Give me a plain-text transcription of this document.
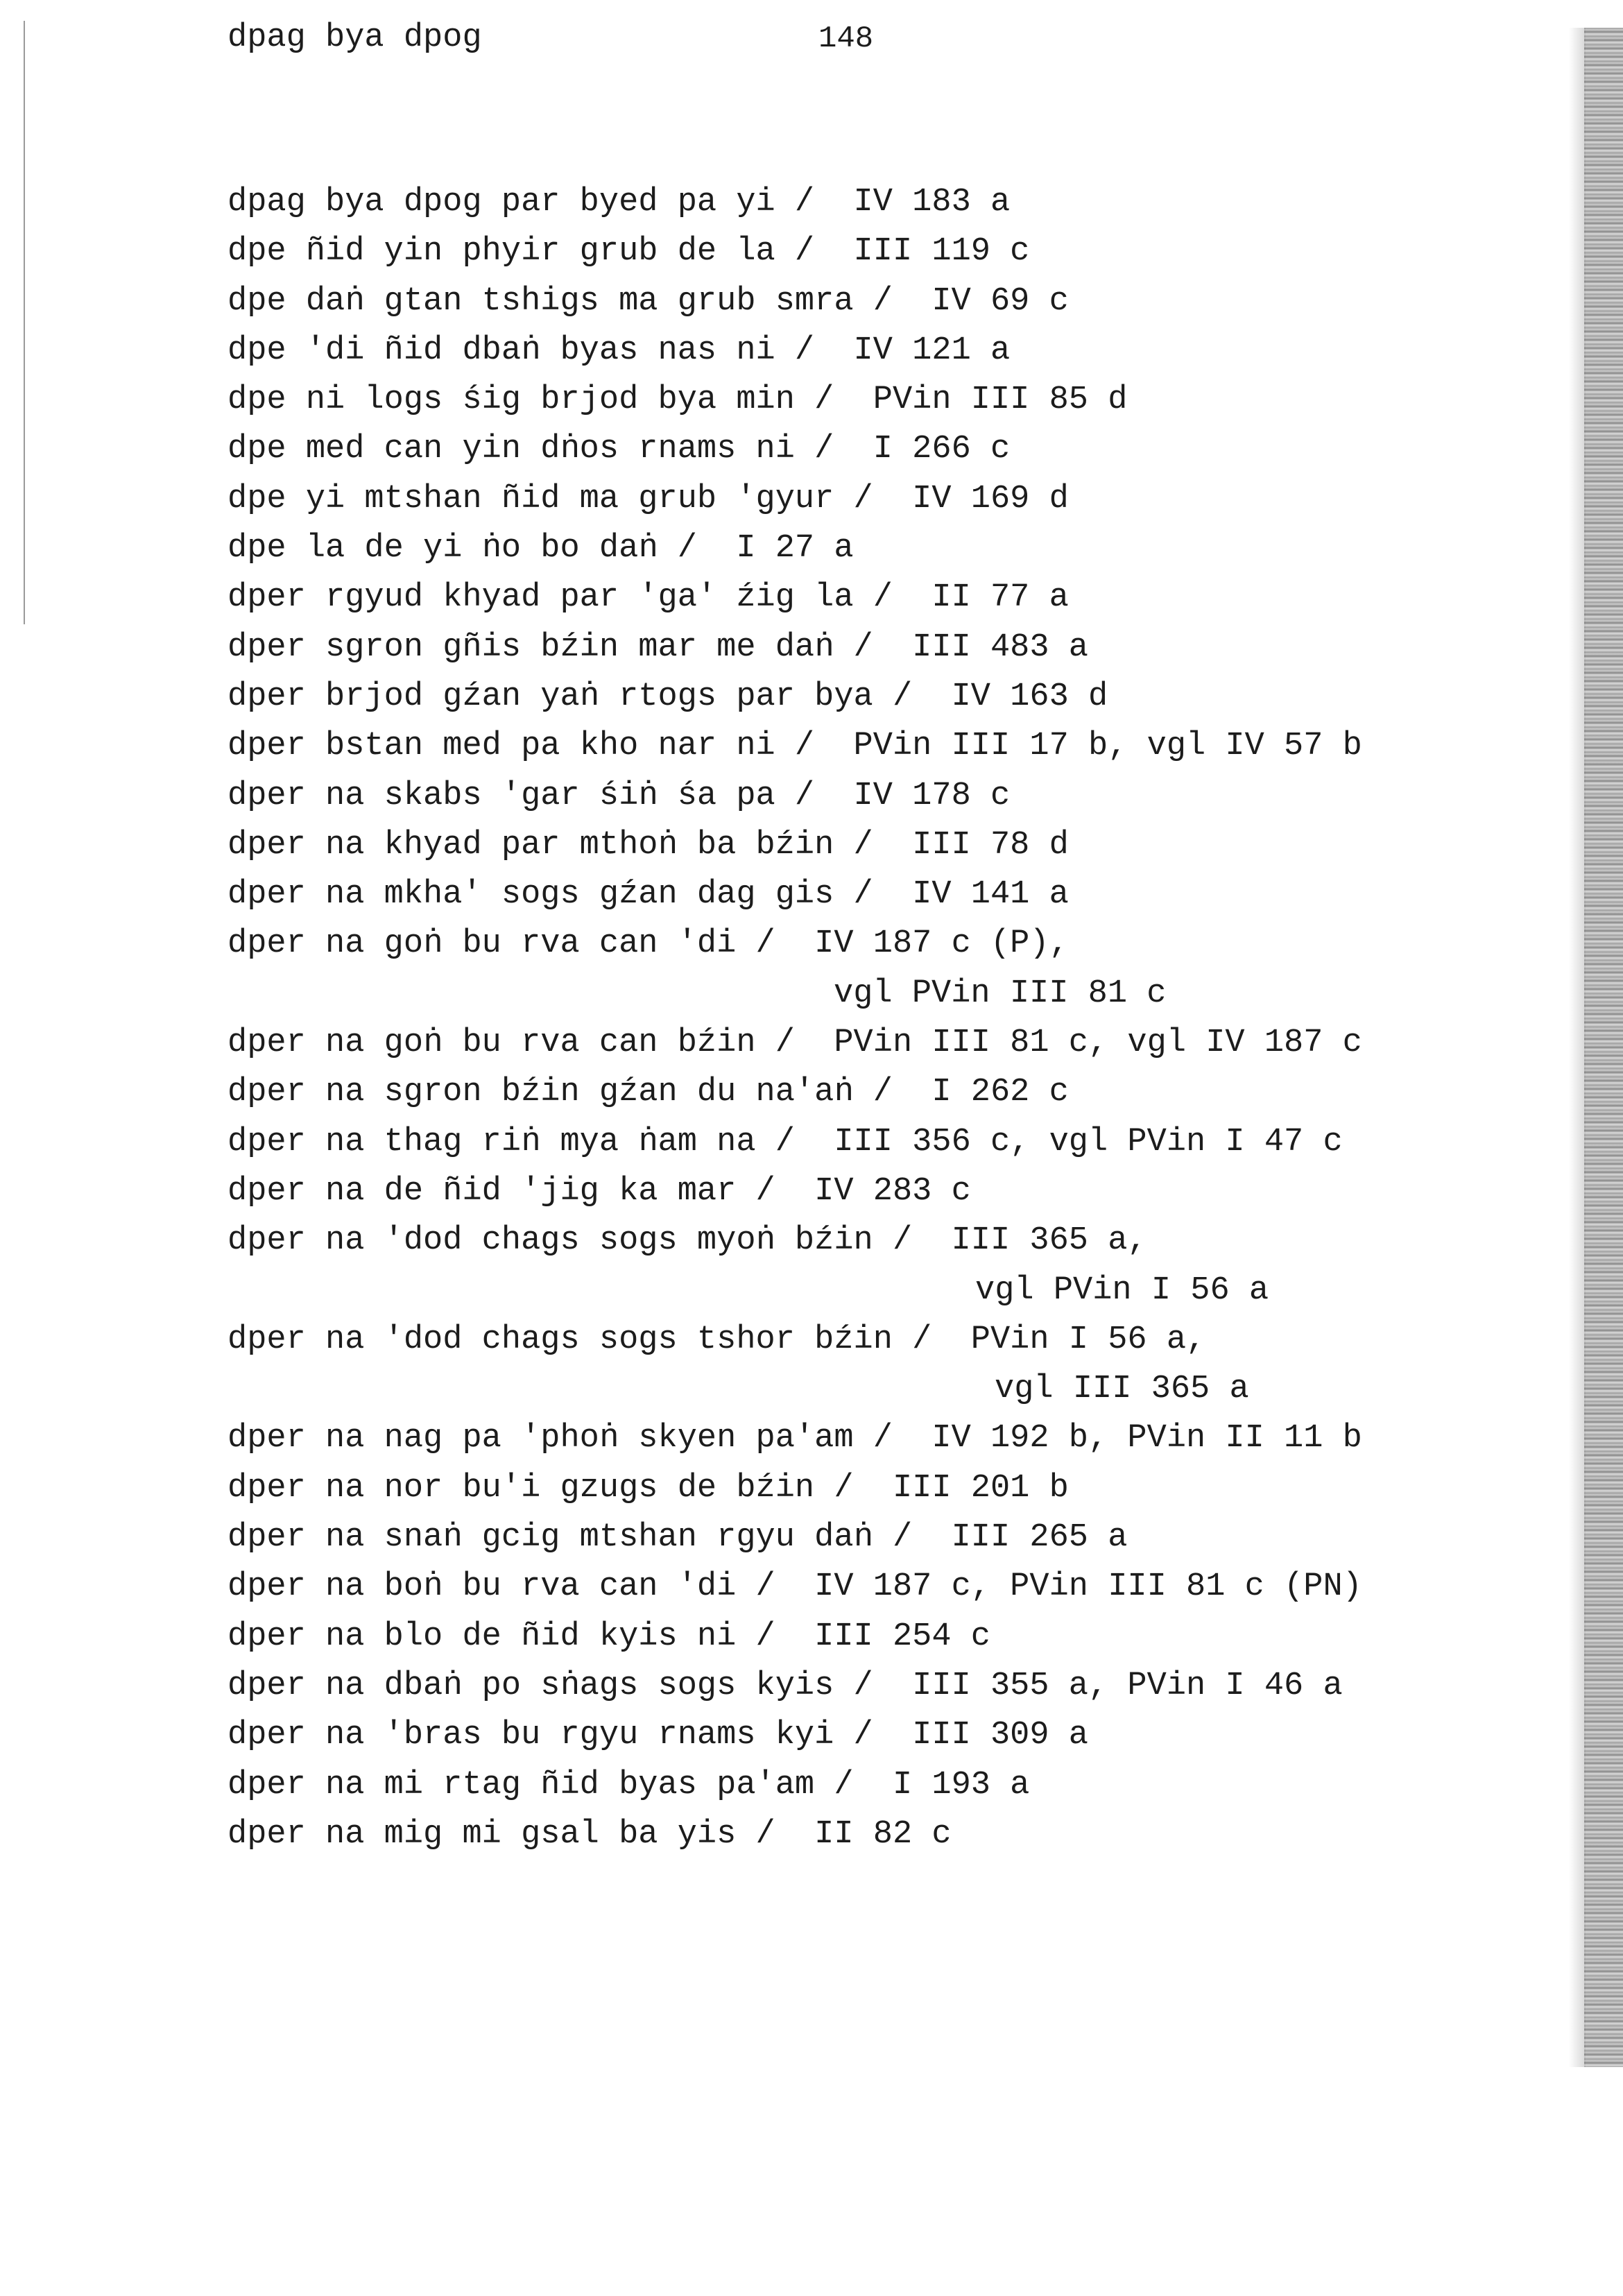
dpag bya dpog	148
dpag bya dpog par byed pa yi /  IV 183 a
dpe ñid yin phyir grub de la /  III 119 c
dpe daṅ gtan tshigs ma grub smra /  IV 69 c
dpe 'di ñid dbaṅ byas nas ni /  IV 121 a
dpe ni logs śig brjod bya min /  PVin III 85 d
dpe med can yin dṅos rnams ni /  I 266 c
dpe yi mtshan ñid ma grub 'gyur /  IV 169 d
dpe la de yi ṅo bo daṅ /  I 27 a
dper rgyud khyad par 'ga' źig la /  II 77 a
dper sgron gñis bźin mar me daṅ /  III 483 a
dper brjod gźan yaṅ rtogs par bya /  IV 163 d
dper bstan med pa kho nar ni /  PVin III 17 b, vgl IV 57 b
dper na skabs 'gar śiṅ śa pa /  IV 178 c
dper na khyad par mthoṅ ba bźin /  III 78 d
dper na mkha' sogs gźan dag gis /  IV 141 a
dper na goṅ bu rva can 'di /  IV 187 c (P),
vgl PVin III 81 c
dper na goṅ bu rva can bźin /  PVin III 81 c, vgl IV 187 c
dper na sgron bźin gźan du na'aṅ /  I 262 c
dper na thag riṅ mya ṅam na /  III 356 c, vgl PVin I 47 c
dper na de ñid 'jig ka mar /  IV 283 c
dper na 'dod chags sogs myoṅ bźin /  III 365 a,
vgl PVin I 56 a
dper na 'dod chags sogs tshor bźin /  PVin I 56 a,
vgl III 365 a
dper na nag pa 'phoṅ skyen pa'am /  IV 192 b, PVin II 11 b
dper na nor bu'i gzugs de bźin /  III 201 b
dper na snaṅ gcig mtshan rgyu daṅ /  III 265 a
dper na boṅ bu rva can 'di /  IV 187 c, PVin III 81 c (PN)
dper na blo de ñid kyis ni /  III 254 c
dper na dbaṅ po sṅags sogs kyis /  III 355 a, PVin I 46 a
dper na 'bras bu rgyu rnams kyi /  III 309 a
dper na mi rtag ñid byas pa'am /  I 193 a
dper na mig mi gsal ba yis /  II 82 c
